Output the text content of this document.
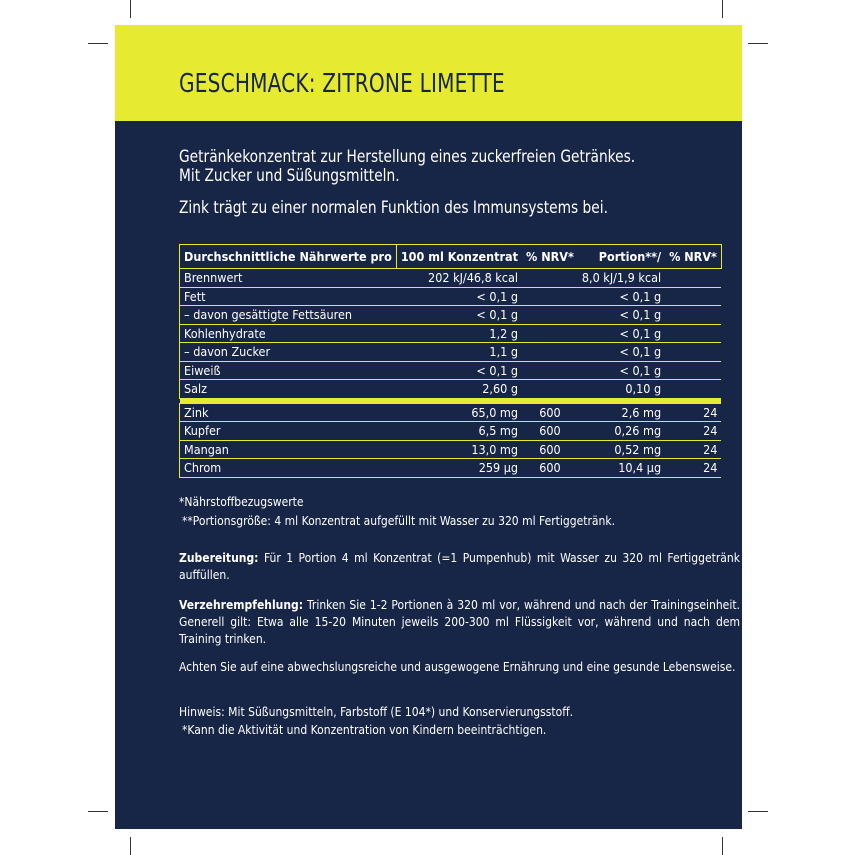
GESCHMACK: ZITRONE LIMETTE
Getränkekonzentrat zur Herstellung eines zuckerfreien Getränkes.
Mit Zucker und Süßungsmitteln.
Zink trägt zu einer normalen Funktion des Immunsystems bei.
Durchschnittliche Nährwerte pro	100 ml Konzentrat	% NRV*	Portion**/	% NRV*
Brennwert	202 kJ/46,8 kcal		8,0 kJ/1,9 kcal	
Fett	< 0,1 g		< 0,1 g	
– davon gesättigte Fettsäuren	< 0,1 g		< 0,1 g	
Kohlenhydrate	1,2 g		< 0,1 g	
– davon Zucker	1,1 g		< 0,1 g	
Eiweiß	< 0,1 g		< 0,1 g	
Salz	2,60 g		0,10 g	

Zink	65,0 mg	600	2,6 mg	24
Kupfer	6,5 mg	600	0,26 mg	24
Mangan	13,0 mg	600	0,52 mg	24
Chrom	259 µg	600	10,4 µg	24
*Nährstoffbezugswerte
**Portionsgröße: 4 ml Konzentrat aufgefüllt mit Wasser zu 320 ml Fertiggetränk.
Zubereitung: Für 1 Portion 4 ml Konzentrat (=1 Pumpenhub) mit Wasser zu 320 ml Fertiggetränk auffüllen.
Verzehrempfehlung: Trinken Sie 1-2 Portionen à 320 ml vor, während und nach der Trainingseinheit. Generell gilt: Etwa alle 15-20 Minuten jeweils 200-300 ml Flüssigkeit vor, während und nach dem Training trinken.
Achten Sie auf eine abwechslungsreiche und ausgewogene Ernährung und eine gesunde Lebensweise.
Hinweis: Mit Süßungsmitteln, Farbstoff (E 104*) und Konservierungsstoff.
*Kann die Aktivität und Konzentration von Kindern beeinträchtigen.
